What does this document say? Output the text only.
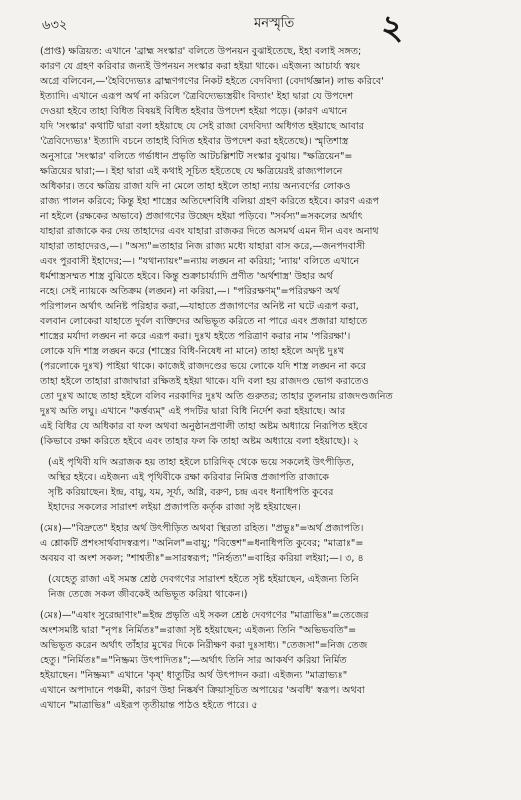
৬৩২	মনস্মৃতি	২

(প্রাপ্ত) ক্ষত্রিয়ত: এখানে 'ব্রাহ্ম সংস্কার' বলিতে উপনয়ন বুঝাইতেছে, ইহা বলাই সঙ্গত;

কারণ যে গ্রহণ করিবার জন্যই উপনয়ন সংস্কার করা হইয়া থাকে। এইজন্য আচার্য্য স্বয়ং

অগ্রে বলিবেন,—'হৈবিদ্যেভ্যঃ ব্রাহ্মণগণের নিকট হইতে বেদবিদ্যা (বেদার্থজ্ঞান) লাভ করিবে'

ইত্যাদি। এখানে এরূপ অর্থ না করিলে 'ত্রৈবিদ্যেভ্যস্ত্রয়ীং বিদ্যাং' ইহা দ্বারা যে উপদেশ

দেওয়া হইবে তাহা বিধিত বিষয়ই বিধিত হইবার উপদেশ হইয়া পড়ে। (কারণ এখানে

যদি 'সংস্কার' কথাটি দ্বারা বলা হইয়াছে যে সেই রাজা বেদবিদ্যা অধিগত হইয়াছে আবার

'ত্রৈবিদ্যেভ্যঃ' ইত্যাদি বচনে তাহাই বিদিত হইবার উপদেশ করা হইতেছে)। স্মৃতিশাস্ত্র

অনুসারে 'সংস্কার' বলিতে গর্ভাধান প্রভৃতি আটচল্লিশটি সংস্কার বুঝায়। "ক্ষত্রিয়েন"=

ক্ষত্রিয়ের দ্বারা;—। ইহা দ্বারা এই কথাই সূচিত হইতেছে যে ক্ষত্রিয়েরই রাজ্যপালনে

অধিকার। তবে ক্ষত্রিয় রাজা যদি না মেলে তাহা হইলে তাহা ন্যায় অন্যবর্ণের লোকও

রাজ্য পালন করিবে; কিন্তু ইহা শাস্ত্রের অতিদেশবিধি বলিয়া গ্রহণ করিতে হইবে। কারণ এরূপ

না হইলে (রক্ষকের অভাবে) প্রজাগণের উচ্ছেদ হইয়া পড়িবে। "সর্বস্য"=সকলের অর্থাৎ

যাহারা রাজাকে কর দেয় তাহাদের এবং যাহারা রাজকর দিতে অসমর্থ এমন দীন এবং অনাথ

যাহারা তাহাদেরও,—। "অস্য"=তাহার নিজ রাজ্য মধ্যে যাহারা বাস করে,—জনপদবাসী

এবং পুরবাসী ইহাদের;—। "যথান্যায়ং"=ন্যায় লঙ্ঘন না করিয়া; 'ন্যায়' বলিতে এখানে

ধর্মশাস্ত্রসম্মত শাস্ত্র বুঝিতে হইবে। কিন্তু শুক্রাচার্য্যাদি প্রণীত 'অর্থশাস্ত্র' উহার অর্থ

নহে। সেই ন্যায়কে অতিক্রম (লঙ্ঘন) না করিয়া,—। "পরিরক্ষণম্"=পরিরক্ষণ অর্থ

পরিপালন অর্থাৎ অনিষ্ট পরিহার করা,—যাহাতে প্রজাগণের অনিষ্ট না ঘটে এরূপ করা,

বলবান লোকেরা যাহাতে দুর্বল ব্যক্তিদের অভিভূত করিতে না পারে এবং প্রজারা যাহাতে

শাস্ত্রের মর্যাদা লঙ্ঘন না করে এরূপ করা। দুঃখ হইতে পরিত্রাণ করার নাম 'পরিরক্ষা'।

লোকে যদি শাস্ত্র লঙ্ঘন করে (শাস্ত্রের বিধি-নিষেধ না মানে) তাহা হইলে অদৃষ্ট দুঃখ

(পরলোকে দুঃখ) পাইয়া থাকে। কাজেই রাজদণ্ডের ভয়ে লোকে যদি শাস্ত্র লঙ্ঘন না করে

তাহা হইলে তাহারা রাজাদ্বারা রক্ষিতই হইয়া থাকে। যদি বলা হয় রাজদণ্ড ভোগ করাতেও

তো দুঃখ আছে তাহা হইলে বলিব নরকাদির দুঃখ অতি গুরুতর; তাহার তুলনায় রাজদণ্ডজনিত

দুঃখ অতি লঘু। এখানে "কর্ত্তব্যম্" এই পদটির দ্বারা বিধি নির্দেশ করা হইয়াছে। আর

এই বিধির যে অধিকার বা ফল অথবা অনুষ্ঠানপ্রণালী তাহা অষ্টম অধ্যায়ে নিরূপিত হইবে

(কিভাবে রক্ষা করিতে হইবে এবং তাহার ফল কি তাহা অষ্টম অধ্যায়ে বলা হইয়াছে)। ২

(এই পৃথিবী যদি অরাজক হয় তাহা হইলে চারিদিক্ থেকে ভয়ে সকলেই উৎপীড়িত,

অস্থির হইবে। এইজন্য এই পৃথিবীকে রক্ষা করিবার নিমিত্ত প্রজাপতি রাজাকে

সৃষ্টি করিয়াছেন। ইন্দ্র, বায়ু, যম, সূর্য্য, অগ্নি, বরুণ, চন্দ্র এবং ধনাধিপতি কুবের

ইহাদের সকলের সারাংশ লইয়া প্রজাপতি কর্তৃক রাজা সৃষ্ট হইয়াছেন।

(মেঃ)—"বিদ্রুতে" ইহার অর্থ উৎপীড়িত অথবা স্থিরতা রহিত। "প্রভুঃ"=অর্থ প্রজাপতি।

এ শ্লোকটি প্রশংসার্থবাদস্বরূপ। "অনিল"=বায়ু; "বিত্তেশ"=ধনাধিপতি কুবের; "মাত্রাঃ"=

অবয়ব বা অংশ সকল; "শাশ্বতীঃ"=সারস্বরূপ; "নির্হৃত্য"=বাহির করিয়া লইয়া;—। ৩, ৪

(যেহেতু রাজা এই সমস্ত শ্রেষ্ঠ দেবগণের সারাংশ হইতে সৃষ্ট হইয়াছেন, এইজন্য তিনি

নিজ তেজে সকল জীবকেই অভিভূত করিয়া থাকেন।)

(মেঃ)—"এষাং সুরেন্দ্রাণাং"=ইন্দ্র প্রভৃতি এই সকল শ্রেষ্ঠ দেবগণের "মাত্রাভিঃ"=তেজের

অংশসমষ্টি দ্বারা "নৃপঃ নির্মিতঃ"=রাজা সৃষ্ট হইয়াছেন; এইজন্য তিনি "অভিভবতি"=

অভিভূত করেন অর্থাৎ তাঁহার মুখের দিকে নিরীক্ষণ করা দুঃসাধ্য। "তেজসা"=নিজ তেজ

হেতু। "নির্মিতঃ"="নিষ্ক্রম্য উৎপাদিতঃ";—অর্থাৎ তিনি সার আকর্ষণ করিয়া নির্মিত

হইয়াছেন। "নিষ্ক্রম্য" এখানে 'কৃষ্' ধাতুটির অর্থ উৎপাদন করা। এইজন্য "মাত্রাভ্যঃ"

এখানে অপাদানে পঞ্চমী, কারণ উহা নিষ্কর্ষণ ক্রিয়াসূচিত অপায়ের 'অবধি' স্বরূপ। অথবা

এখানে "মাত্রাভিঃ" এইরূপ তৃতীয়ান্ত পাঠও হইতে পারে। ৫
